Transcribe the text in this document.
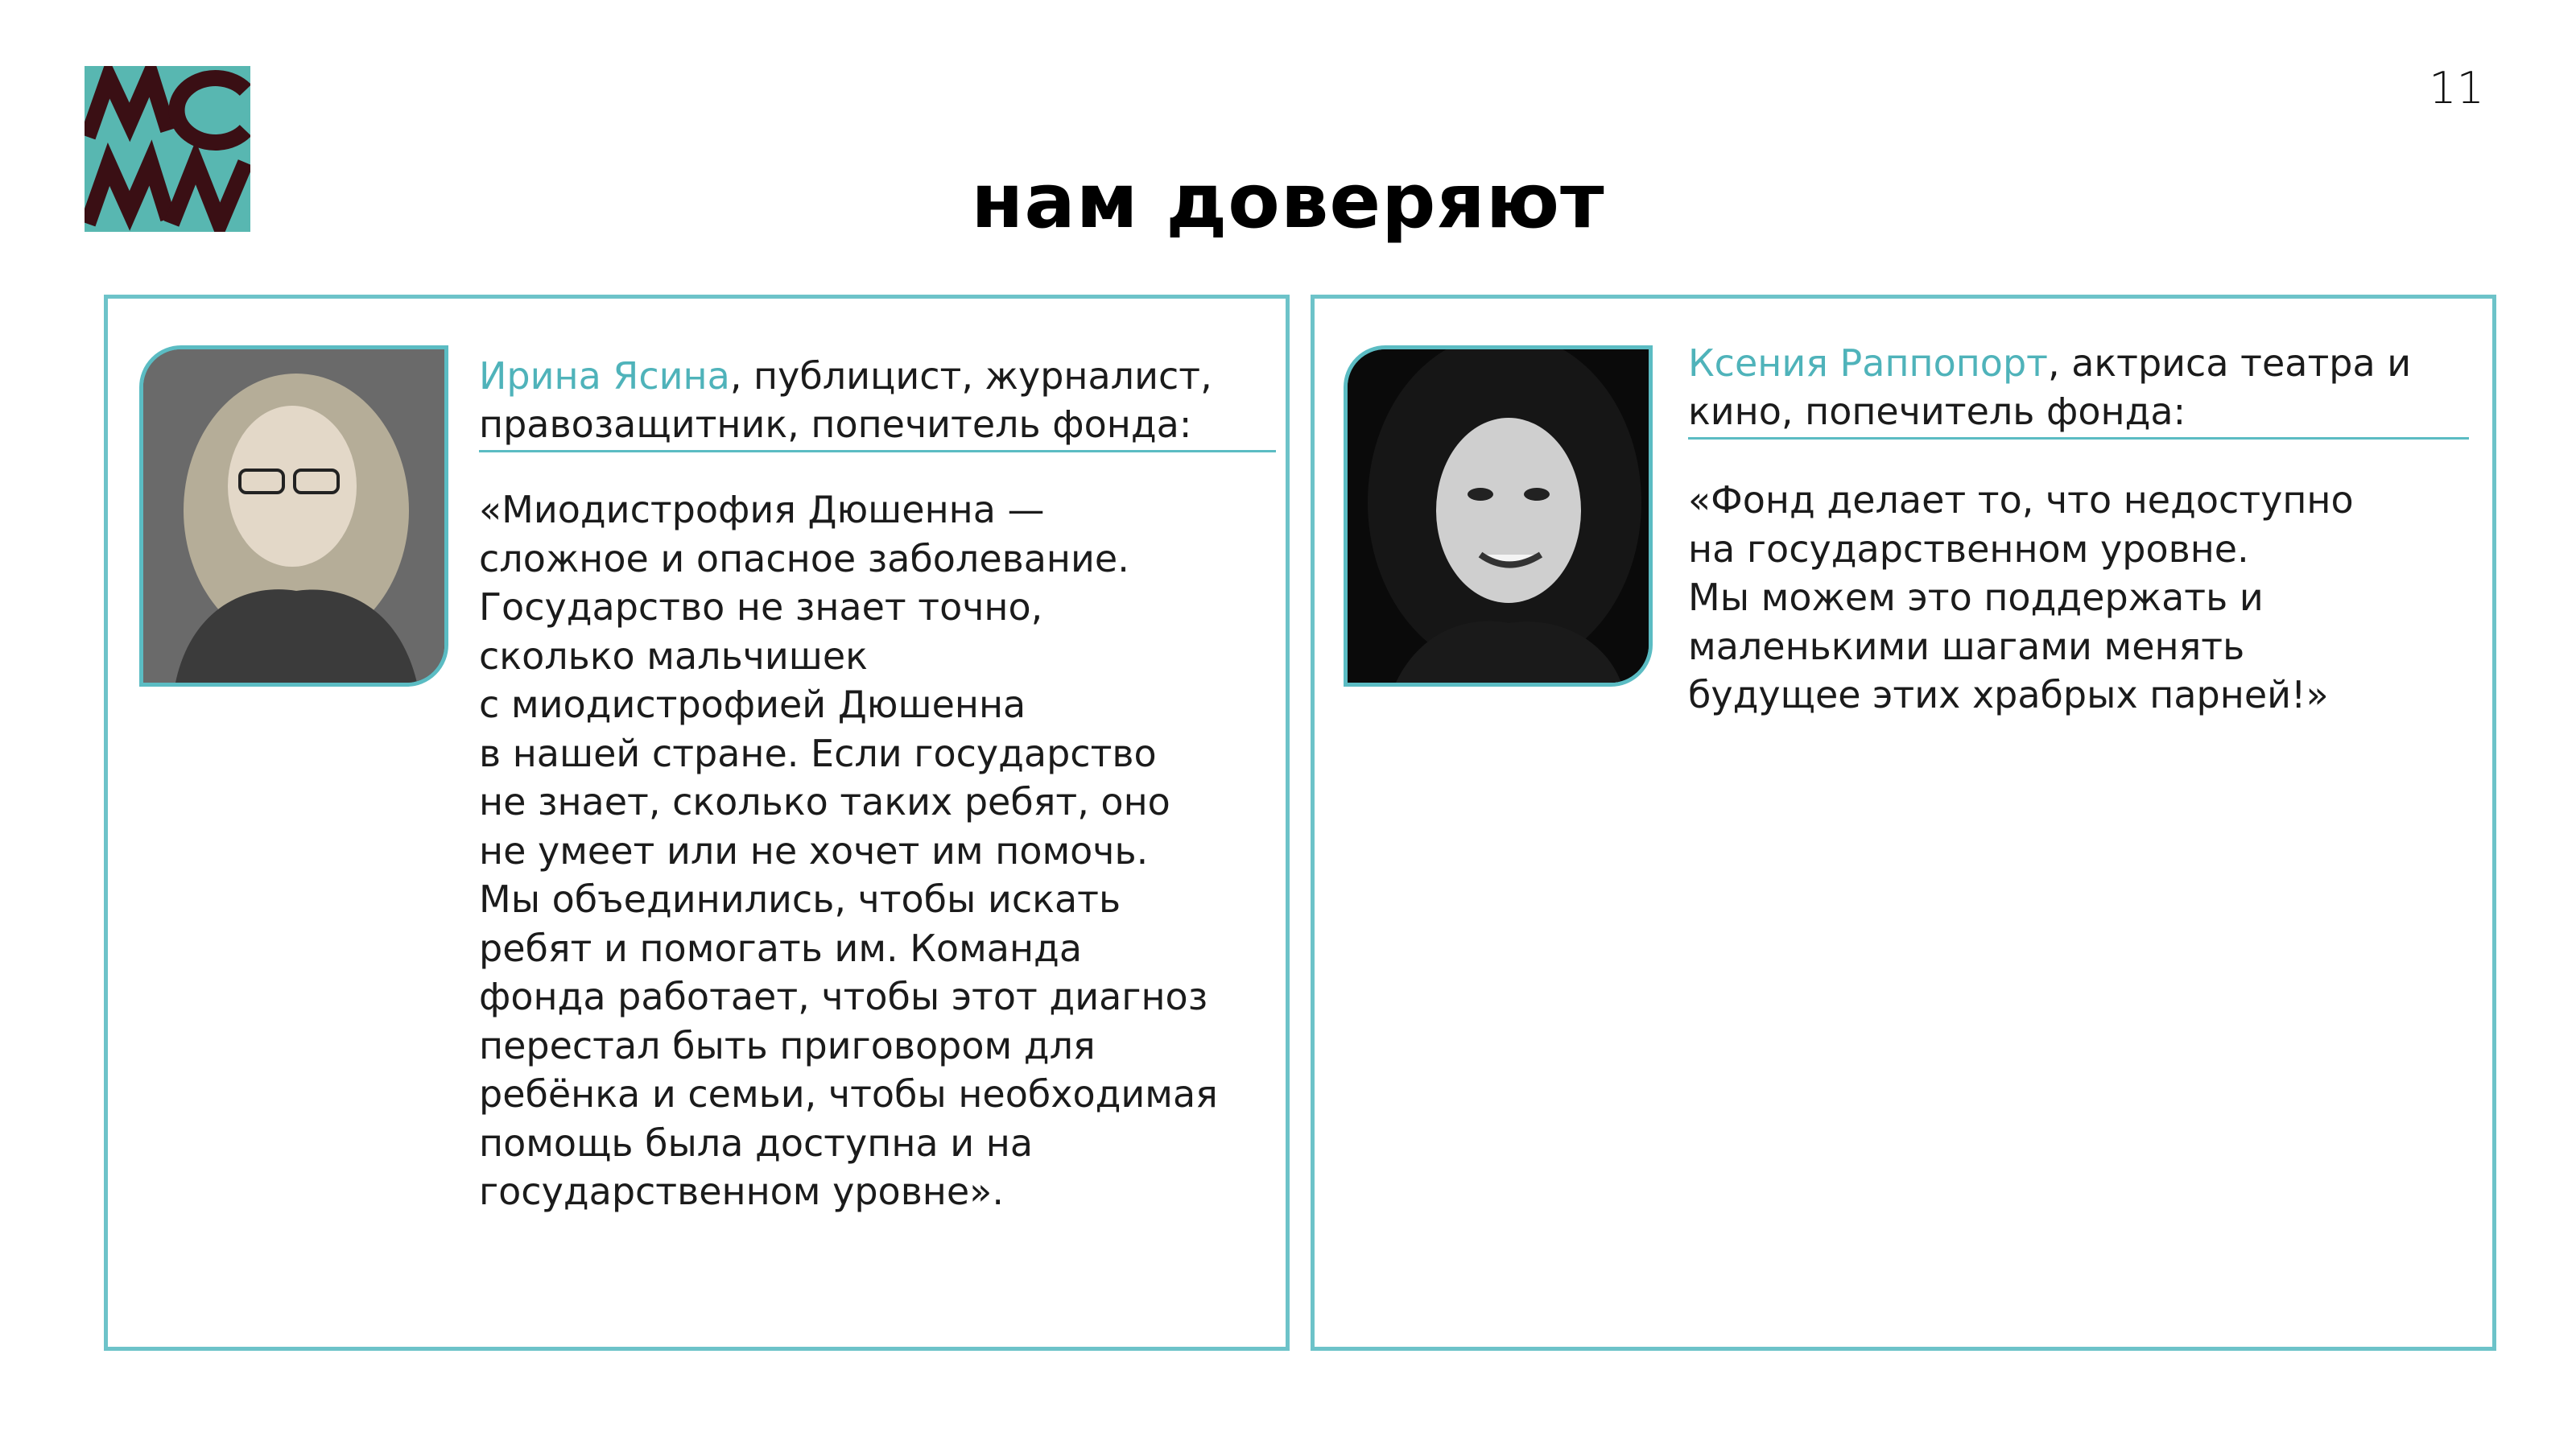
11
нам доверяют

Ирина Ясина, публицист, журналист, правозащитник, попечитель фонда:

«Миодистрофия Дюшенна —
сложное и опасное заболевание.
Государство не знает точно,
сколько мальчишек
с миодистрофией Дюшенна
в нашей стране. Если государство
не знает, сколько таких ребят, оно
не умеет или не хочет им помочь.
Мы объединились, чтобы искать
ребят и помогать им. Команда
фонда работает, чтобы этот диагноз
перестал быть приговором для
ребёнка и семьи, чтобы необходимая
помощь была доступна и на
государственном уровне».

Ксения Раппопорт, актриса театра и кино, попечитель фонда:

«Фонд делает то, что недоступно
на государственном уровне.
Мы можем это поддержать и
маленькими шагами менять
будущее этих храбрых парней!»
